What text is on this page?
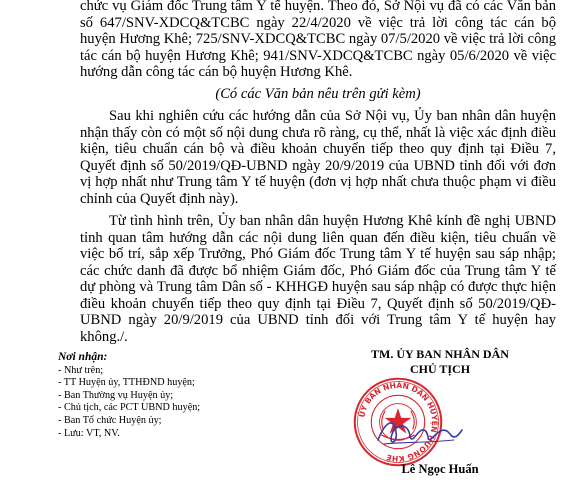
chức vụ Giám đốc Trung tâm Y tế huyện. Theo đó, Sở Nội vụ đã có các Văn bản số 647/SNV-XDCQ&TCBC ngày 22/4/2020 về việc trả lời công tác cán bộ huyện Hương Khê; 725/SNV-XDCQ&TCBC ngày 07/5/2020 về việc trả lời công tác cán bộ huyện Hương Khê; 941/SNV-XDCQ&TCBC ngày 05/6/2020 về việc hướng dẫn công tác cán bộ huyện Hương Khê.

(Có các Văn bản nêu trên gửi kèm)

Sau khi nghiên cứu các hướng dẫn của Sở Nội vụ, Ủy ban nhân dân huyện nhận thấy còn có một số nội dung chưa rõ ràng, cụ thể, nhất là việc xác định điều kiện, tiêu chuẩn cán bộ và điều khoản chuyển tiếp theo quy định tại Điều 7, Quyết định số 50/2019/QĐ-UBND ngày 20/9/2019 của UBND tỉnh đối với đơn vị hợp nhất như Trung tâm Y tế huyện (đơn vị hợp nhất chưa thuộc phạm vi điều chỉnh của Quyết định này).

Từ tình hình trên, Ủy ban nhân dân huyện Hương Khê kính đề nghị UBND tỉnh quan tâm hướng dẫn các nội dung liên quan đến điều kiện, tiêu chuẩn về việc bố trí, sắp xếp Trưởng, Phó Giám đốc Trung tâm Y tế huyện sau sáp nhập; các chức danh đã được bổ nhiệm Giám đốc, Phó Giám đốc của Trung tâm Y tế dự phòng và Trung tâm Dân số - KHHGĐ huyện sau sáp nhập có được thực hiện điều khoản chuyển tiếp theo quy định tại Điều 7, Quyết định số 50/2019/QĐ-UBND ngày 20/9/2019 của UBND tỉnh đối với Trung tâm Y tế huyện hay không./.

Nơi nhận:
- Như trên;
- TT Huyện ủy, TTHĐND huyện;
- Ban Thường vụ Huyện ủy;
- Chủ tịch, các PCT UBND huyện;
- Ban Tổ chức Huyện ủy;
- Lưu: VT, NV.
TM. ỦY BAN NHÂN DÂN
CHỦ TỊCH
ỦY BAN NHÂN DÂN HUYỆN HƯƠNG KHÊ
Lê Ngọc Huấn
